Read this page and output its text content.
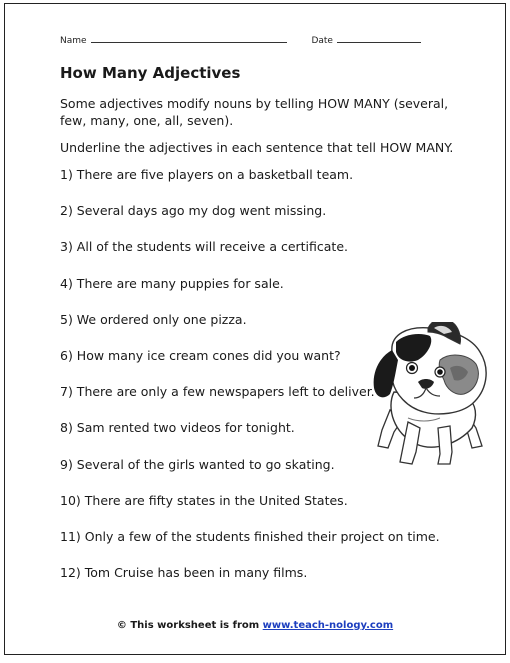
Name	Date
How Many Adjectives

Some adjectives modify nouns by telling HOW MANY (several, few, many, one, all, seven).

Underline the adjectives in each sentence that tell HOW MANY.

1) There are five players on a basketball team.
2) Several days ago my dog went missing.
3) All of the students will receive a certificate.
4) There are many puppies for sale.
5) We ordered only one pizza.
6) How many ice cream cones did you want?
7) There are only a few newspapers left to deliver.
8) Sam rented two videos for tonight.
9) Several of the girls wanted to go skating.
10) There are fifty states in the United States.
11) Only a few of the students finished their project on time.
12) Tom Cruise has been in many films.
© This worksheet is from www.teach-nology.com
